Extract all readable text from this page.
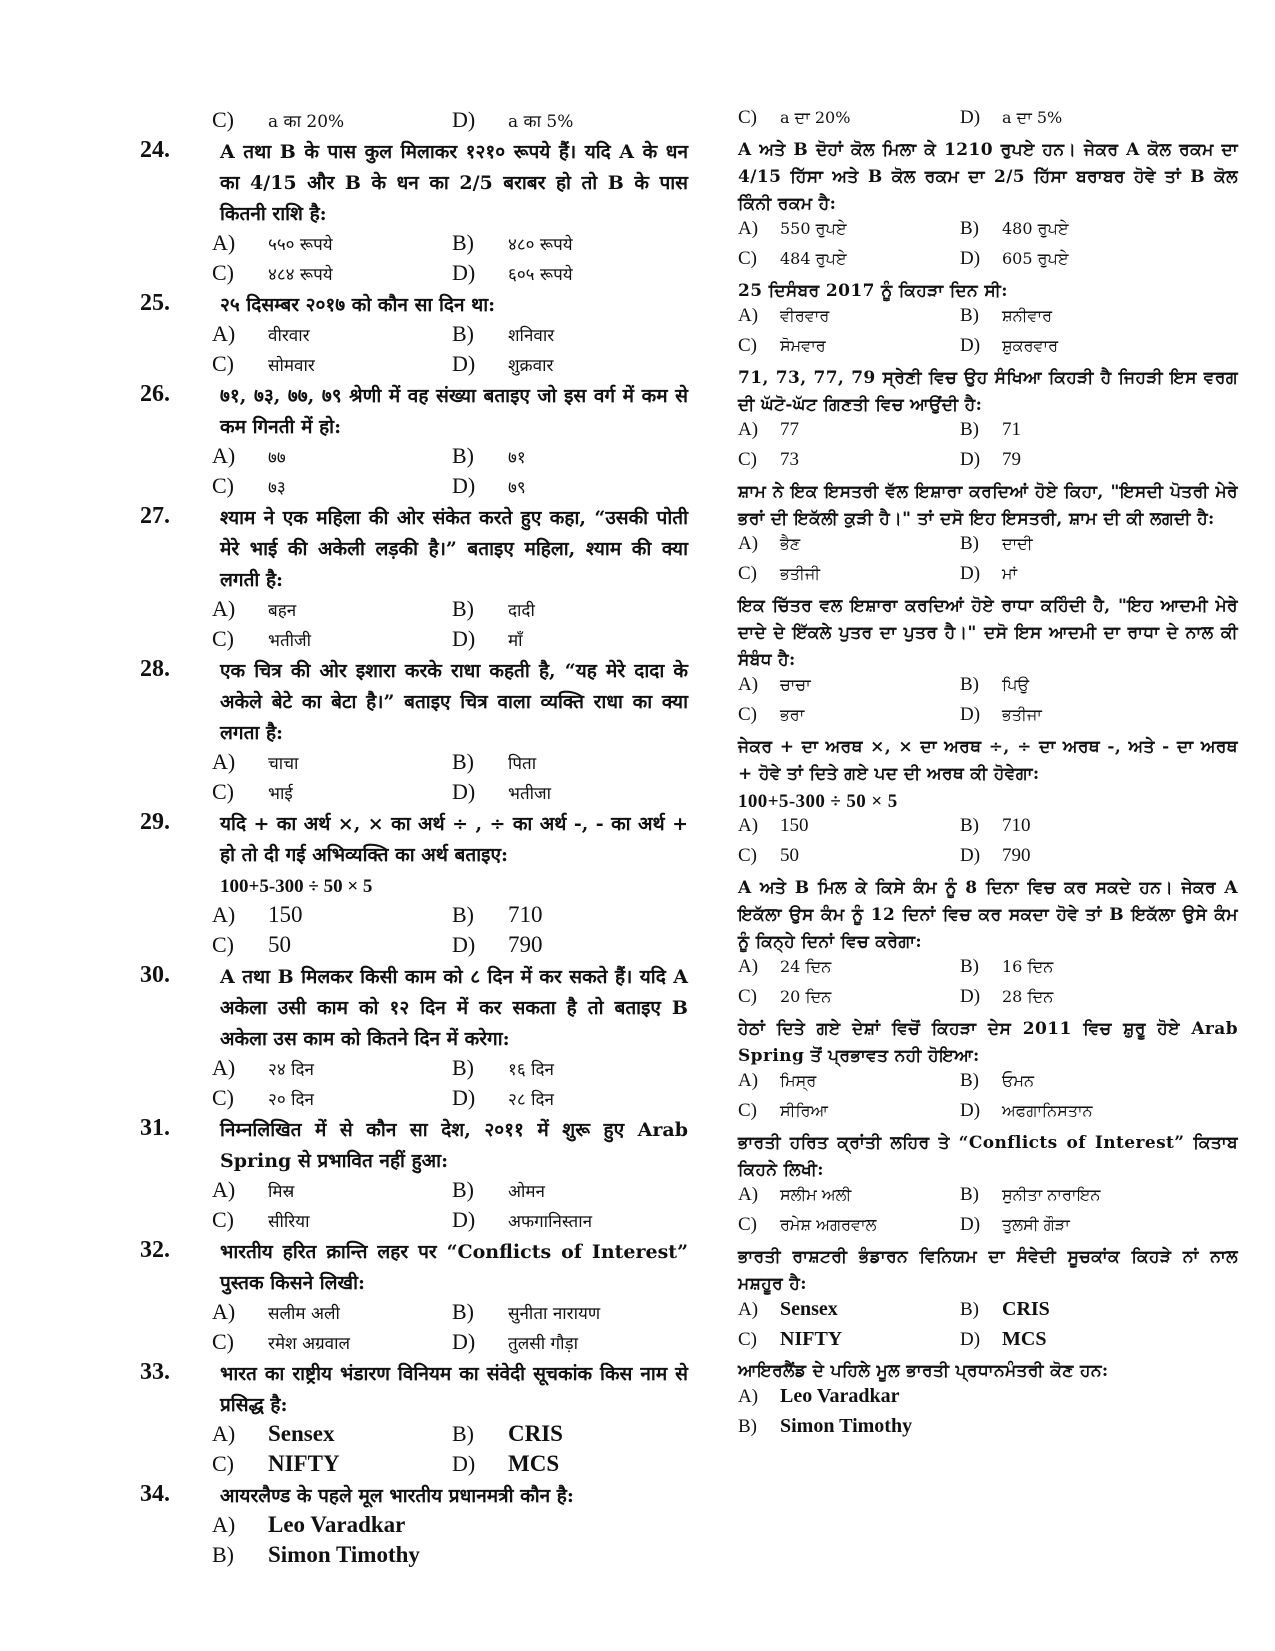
C) a का 20%	D) a का 5%
24.	A तथा B के पास कुल मिलाकर १२१० रूपये हैं। यदि A के धन का 4/15 और B के धन का 2/5 बराबर हो तो B के पास कितनी राशि है:
A) ५५० रूपये	B) ४८० रूपये
C) ४८४ रूपये	D) ६०५ रूपये
25.	२५ दिसम्बर २०१७ को कौन सा दिन था:
A) वीरवार	B) शनिवार
C) सोमवार	D) शुक्रवार
26.	७१, ७३, ७७, ७९ श्रेणी में वह संख्या बताइए जो इस वर्ग में कम से कम गिनती में हो:
A) ७७	B) ७१
C) ७३	D) ७९
27.	श्याम ने एक महिला की ओर संकेत करते हुए कहा, “उसकी पोती मेरे भाई की अकेली लड़की है।” बताइए महिला, श्याम की क्या लगती है:
A) बहन	B) दादी
C) भतीजी	D) माँ
28.	एक चित्र की ओर इशारा करके राधा कहती है, “यह मेरे दादा के अकेले बेटे का बेटा है।” बताइए चित्र वाला व्यक्ति राधा का क्या लगता है:
A) चाचा	B) पिता
C) भाई	D) भतीजा
29.	यदि + का अर्थ ×, × का अर्थ ÷ , ÷ का अर्थ -, - का अर्थ + हो तो दी गई अभिव्यक्ति का अर्थ बताइए:
100+5-300 ÷ 50 × 5
A) 150	B) 710
C) 50	D) 790
30.	A तथा B मिलकर किसी काम को ८ दिन में कर सकते हैं। यदि A अकेला उसी काम को १२ दिन में कर सकता है तो बताइए B अकेला उस काम को कितने दिन में करेगा:
A) २४ दिन	B) १६ दिन
C) २० दिन	D) २८ दिन
31.	निम्नलिखित में से कौन सा देश, २०११ में शुरू हुए Arab Spring से प्रभावित नहीं हुआ:
A) मिस्र	B) ओमन
C) सीरिया	D) अफगानिस्तान
32.	भारतीय हरित क्रान्ति लहर पर “Conflicts of Interest” पुस्तक किसने लिखी:
A) सलीम अली	B) सुनीता नारायण
C) रमेश अग्रवाल	D) तुलसी गौड़ा
33.	भारत का राष्ट्रीय भंडारण विनियम का संवेदी सूचकांक किस नाम से प्रसिद्ध है:
A) Sensex	B) CRIS
C) NIFTY	D) MCS
34.	आयरलैण्ड के पहले मूल भारतीय प्रधानमत्री कौन है:
A) Leo Varadkar
B) Simon Timothy
C) a ਦਾ 20%	D) a ਦਾ 5%
A ਅਤੇ B ਦੋਹਾਂ ਕੋਲ ਮਿਲਾ ਕੇ 1210 ਰੁਪਏ ਹਨ। ਜੇਕਰ A ਕੋਲ ਰਕਮ ਦਾ 4/15 ਹਿੱਸਾ ਅਤੇ B ਕੋਲ ਰਕਮ ਦਾ 2/5 ਹਿੱਸਾ ਬਰਾਬਰ ਹੋਵੇ ਤਾਂ B ਕੋਲ ਕਿੰਨੀ ਰਕਮ ਹੈ:
A) 550 ਰੁਪਏ	B) 480 ਰੁਪਏ
C) 484 ਰੁਪਏ	D) 605 ਰੁਪਏ
25 ਦਿਸੰਬਰ 2017 ਨੂੰ ਕਿਹੜਾ ਦਿਨ ਸੀ:
A) ਵੀਰਵਾਰ	B) ਸ਼ਨੀਵਾਰ
C) ਸੋਮਵਾਰ	D) ਸ਼ੁਕਰਵਾਰ
71, 73, 77, 79 ਸ੍ਰੇਣੀ ਵਿਚ ਉਹ ਸੰਖਿਆ ਕਿਹੜੀ ਹੈ ਜਿਹੜੀ ਇਸ ਵਰਗ ਦੀ ਘੱਟੋ-ਘੱਟ ਗਿਣਤੀ ਵਿਚ ਆਉਂਦੀ ਹੈ:
A) 77	B) 71
C) 73	D) 79
ਸ਼ਾਮ ਨੇ ਇਕ ਇਸਤਰੀ ਵੱਲ ਇਸ਼ਾਰਾ ਕਰਦਿਆਂ ਹੋਏ ਕਿਹਾ, "ਇਸਦੀ ਪੋਤਰੀ ਮੇਰੇ ਭਰਾਂ ਦੀ ਇਕੱਲੀ ਕੁੜੀ ਹੈ।" ਤਾਂ ਦਸੋ ਇਹ ਇਸਤਰੀ, ਸ਼ਾਮ ਦੀ ਕੀ ਲਗਦੀ ਹੈ:
A) ਭੈਣ	B) ਦਾਦੀ
C) ਭਤੀਜੀ	D) ਮਾਂ
ਇਕ ਚਿੱਤਰ ਵਲ ਇਸ਼ਾਰਾ ਕਰਦਿਆਂ ਹੋਏ ਰਾਧਾ ਕਹਿੰਦੀ ਹੈ, "ਇਹ ਆਦਮੀ ਮੇਰੇ ਦਾਦੇ ਦੇ ਇੱਕਲੇ ਪੁਤਰ ਦਾ ਪੁਤਰ ਹੈ।" ਦਸੋ ਇਸ ਆਦਮੀ ਦਾ ਰਾਧਾ ਦੇ ਨਾਲ ਕੀ ਸੰਬੰਧ ਹੈ:
A) ਚਾਚਾ	B) ਪਿਉ
C) ਭਰਾ	D) ਭਤੀਜਾ
ਜੇਕਰ + ਦਾ ਅਰਥ ×, × ਦਾ ਅਰਥ ÷, ÷ ਦਾ ਅਰਥ -, ਅਤੇ - ਦਾ ਅਰਥ + ਹੋਵੇ ਤਾਂ ਦਿਤੇ ਗਏ ਪਦ ਦੀ ਅਰਥ ਕੀ ਹੋਵੇਗਾ:
100+5-300 ÷ 50 × 5
A) 150	B) 710
C) 50	D) 790
A ਅਤੇ B ਮਿਲ ਕੇ ਕਿਸੇ ਕੰਮ ਨੂੰ 8 ਦਿਨਾ ਵਿਚ ਕਰ ਸਕਦੇ ਹਨ। ਜੇਕਰ A ਇਕੱਲਾ ਉਸ ਕੰਮ ਨੂੰ 12 ਦਿਨਾਂ ਵਿਚ ਕਰ ਸਕਦਾ ਹੋਵੇ ਤਾਂ B ਇਕੱਲਾ ਉਸੇ ਕੰਮ ਨੂੰ ਕਿਨ੍ਹੇ ਦਿਨਾਂ ਵਿਚ ਕਰੇਗਾ:
A) 24 ਦਿਨ	B) 16 ਦਿਨ
C) 20 ਦਿਨ	D) 28 ਦਿਨ
ਹੇਠਾਂ ਦਿਤੇ ਗਏ ਦੇਸ਼ਾਂ ਵਿਚੋਂ ਕਿਹੜਾ ਦੇਸ 2011 ਵਿਚ ਸ਼ੁਰੂ ਹੋਏ Arab Spring ਤੋਂ ਪ੍ਰਭਾਵਤ ਨਹੀ ਹੋਇਆ:
A) ਮਿਸ੍ਰ	B) ਓਮਨ
C) ਸੀਰਿਆ	D) ਅਫਗਾਨਿਸਤਾਨ
ਭਾਰਤੀ ਹਰਿਤ ਕ੍ਰਾਂਤੀ ਲਹਿਰ ਤੇ “Conflicts of Interest” ਕਿਤਾਬ ਕਿਹਨੇ ਲਿਖੀ:
A) ਸਲੀਮ ਅਲੀ	B) ਸੁਨੀਤਾ ਨਾਰਾਇਨ
C) ਰਮੇਸ਼ ਅਗਰਵਾਲ	D) ਤੁਲਸੀ ਗੌੜਾ
ਭਾਰਤੀ ਰਾਸ਼ਟਰੀ ਭੰਡਾਰਨ ਵਿਨਿਯਮ ਦਾ ਸੰਵੇਦੀ ਸੂਚਕਾਂਕ ਕਿਹੜੇ ਨਾਂ ਨਾਲ ਮਸ਼ਹੂਰ ਹੈ:
A) Sensex	B) CRIS
C) NIFTY	D) MCS
ਆਇਰਲੈਂਡ ਦੇ ਪਹਿਲੇ ਮੂਲ ਭਾਰਤੀ ਪ੍ਰਧਾਨਮੰਤਰੀ ਕੋਣ ਹਨ:
A) Leo Varadkar
B) Simon Timothy
